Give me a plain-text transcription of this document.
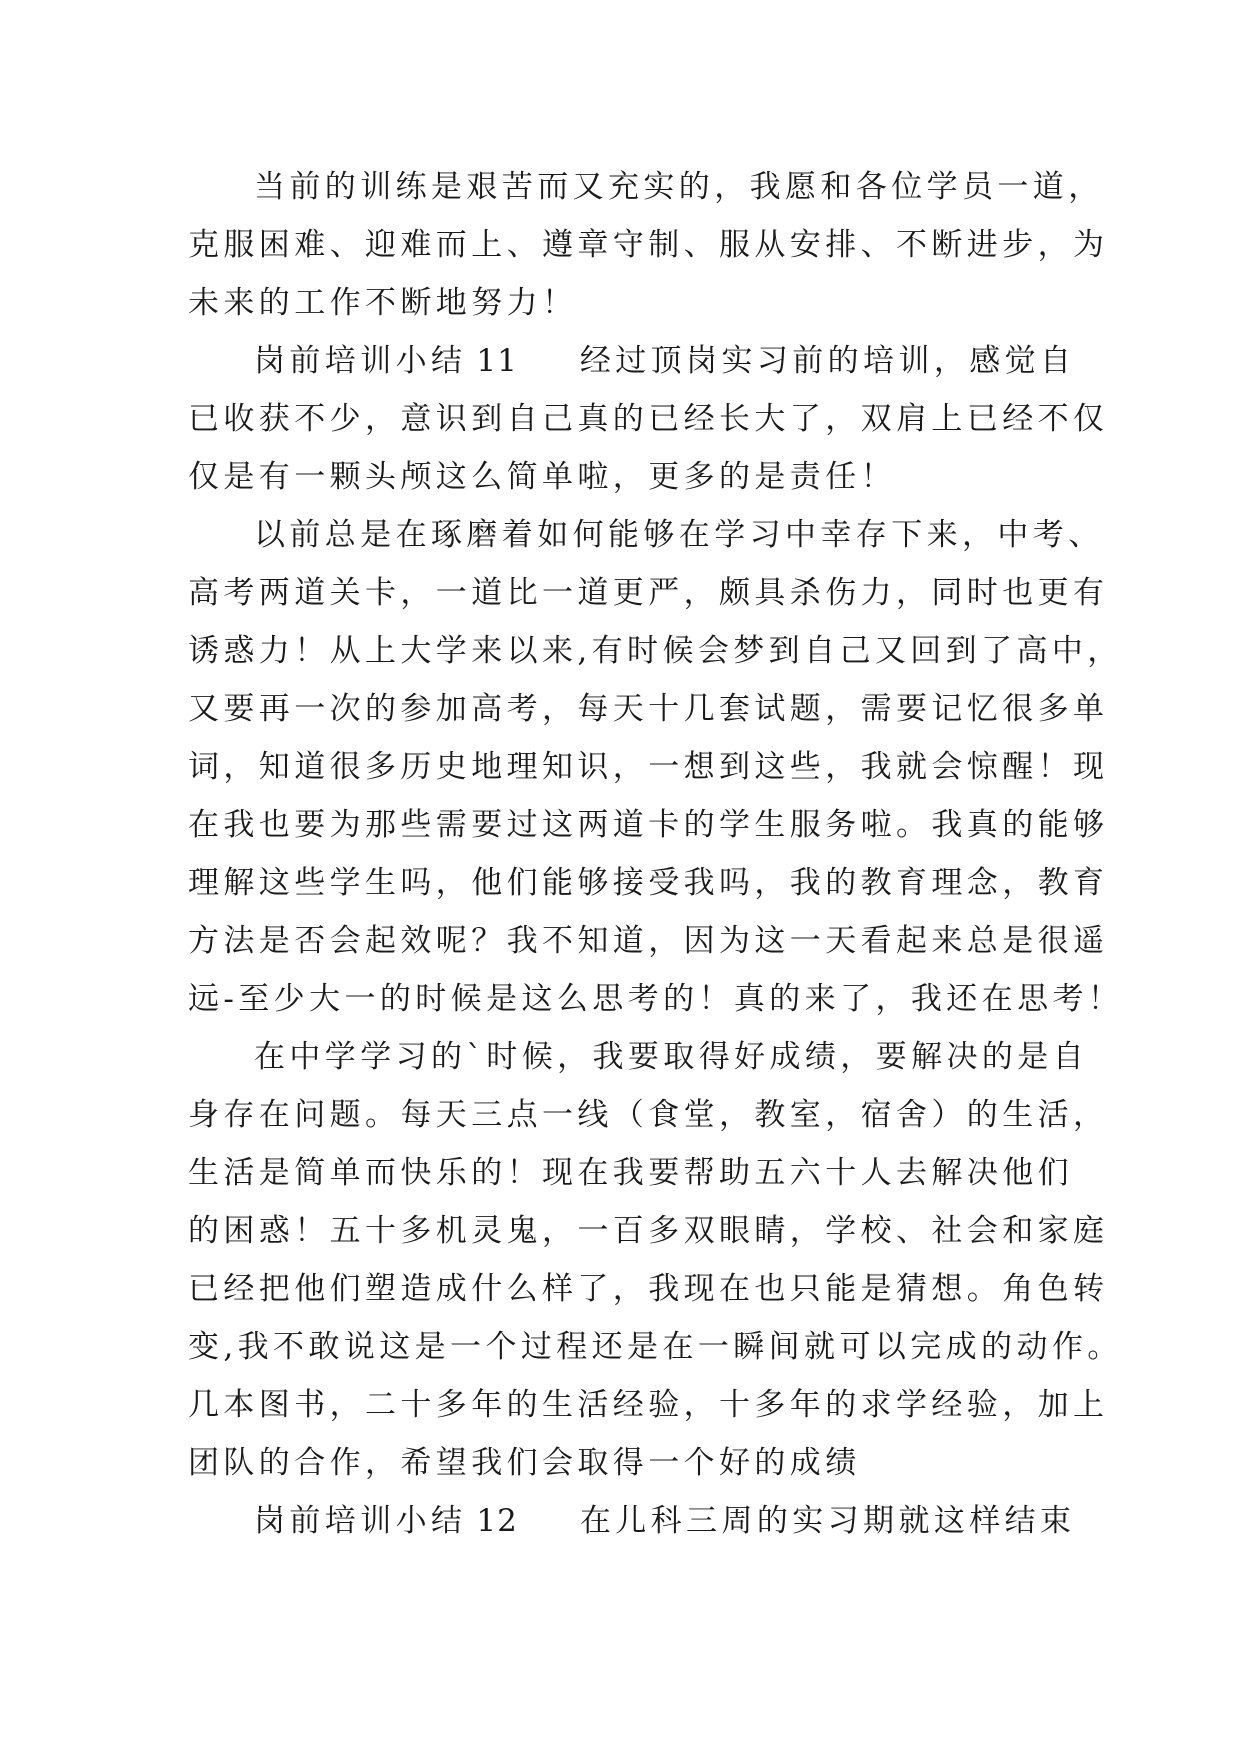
当前的训练是艰苦而又充实的，我愿和各位学员一道，
克服困难、迎难而上、遵章守制、服从安排、不断进步，为
未来的工作不断地努力！
岗前培训小结 11 经过顶岗实习前的培训，感觉自
已收获不少，意识到自己真的已经长大了，双肩上已经不仅
仅是有一颗头颅这么简单啦，更多的是责任！
以前总是在琢磨着如何能够在学习中幸存下来，中考、
高考两道关卡，一道比一道更严，颇具杀伤力，同时也更有
诱惑力！从上大学来以来,有时候会梦到自己又回到了高中，
又要再一次的参加高考，每天十几套试题，需要记忆很多单
词，知道很多历史地理知识，一想到这些，我就会惊醒！现
在我也要为那些需要过这两道卡的学生服务啦。我真的能够
理解这些学生吗，他们能够接受我吗，我的教育理念，教育
方法是否会起效呢？我不知道，因为这一天看起来总是很遥
远-至少大一的时候是这么思考的！真的来了，我还在思考！
在中学学习的`时候，我要取得好成绩，要解决的是自
身存在问题。每天三点一线（食堂，教室，宿舍）的生活，
生活是简单而快乐的！现在我要帮助五六十人去解决他们
的困惑！五十多机灵鬼，一百多双眼睛，学校、社会和家庭
已经把他们塑造成什么样了，我现在也只能是猜想。角色转
变,我不敢说这是一个过程还是在一瞬间就可以完成的动作。
几本图书，二十多年的生活经验，十多年的求学经验，加上
团队的合作，希望我们会取得一个好的成绩
岗前培训小结 12 在儿科三周的实习期就这样结束
